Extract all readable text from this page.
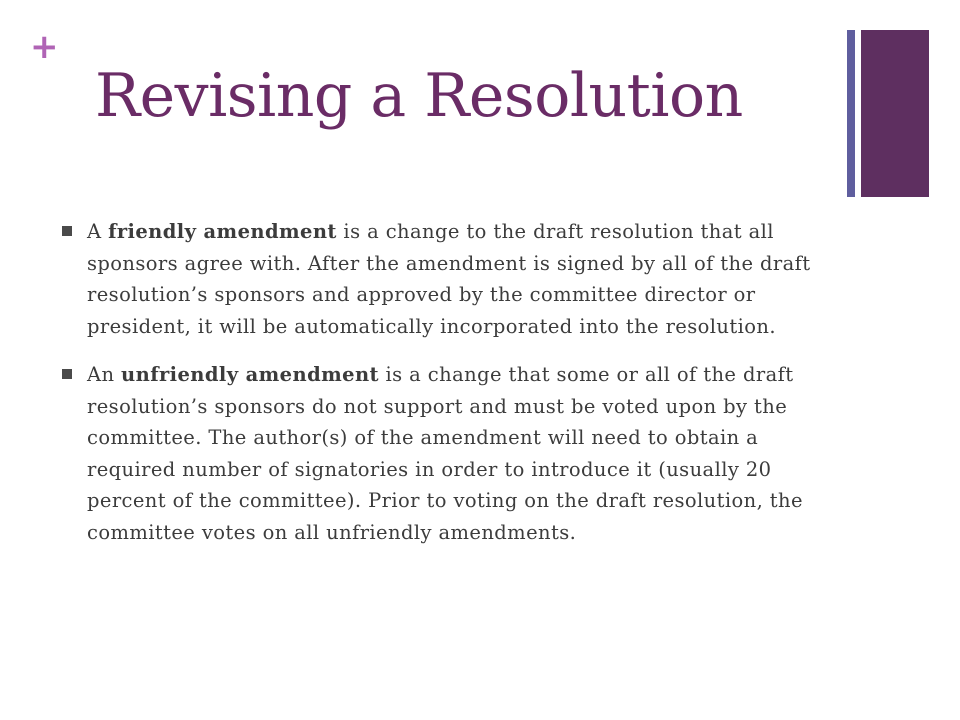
+
Revising a Resolution
A friendly amendment is a change to the draft resolution that all sponsors agree with. After the amendment is signed by all of the draft resolution’s sponsors and approved by the committee director or president, it will be automatically incorporated into the resolution.
An unfriendly amendment is a change that some or all of the draft resolution’s sponsors do not support and must be voted upon by the committee. The author(s) of the amendment will need to obtain a required number of signatories in order to introduce it (usually 20 percent of the committee). Prior to voting on the draft resolution, the committee votes on all unfriendly amendments.
